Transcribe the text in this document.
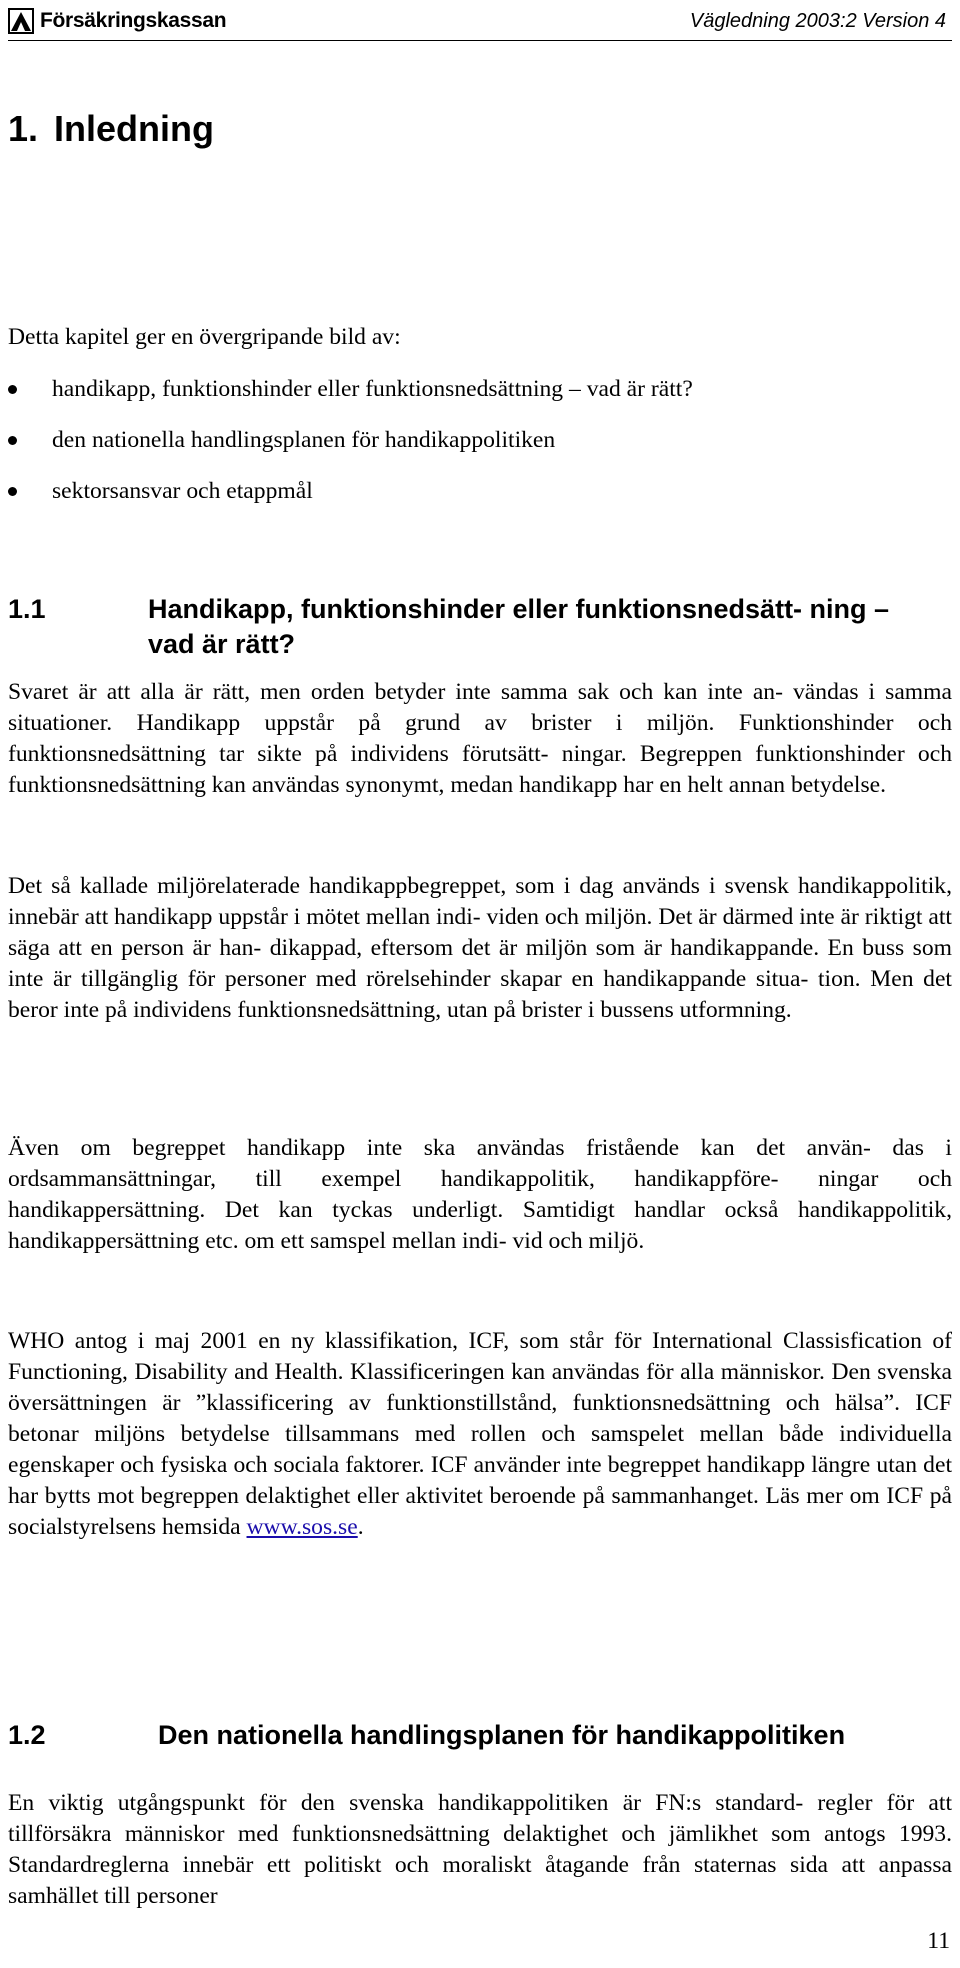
Försäkringskassan	Vägledning 2003:2 Version 4
1. Inledning

Detta kapitel ger en övergripande bild av:

handikapp, funktionshinder eller funktionsnedsättning – vad är rätt?
den nationella handlingsplanen för handikappolitiken
sektorsansvar och etappmål
1.1	Handikapp, funktionshinder eller funktionsnedsätt- ning – vad är rätt?

Svaret är att alla är rätt, men orden betyder inte samma sak och kan inte an- vändas i samma situationer. Handikapp uppstår på grund av brister i miljön. Funktionshinder och funktionsnedsättning tar sikte på individens förutsätt- ningar. Begreppen funktionshinder och funktionsnedsättning kan användas synonymt, medan handikapp har en helt annan betydelse.

Det så kallade miljörelaterade handikappbegreppet, som i dag används i svensk handikappolitik, innebär att handikapp uppstår i mötet mellan indi- viden och miljön. Det är därmed inte är riktigt att säga att en person är han- dikappad, eftersom det är miljön som är handikappande. En buss som inte är tillgänglig för personer med rörelsehinder skapar en handikappande situa- tion. Men det beror inte på individens funktionsnedsättning, utan på brister i bussens utformning.

Även om begreppet handikapp inte ska användas fristående kan det använ- das i ordsammansättningar, till exempel handikappolitik, handikappföre- ningar och handikappersättning. Det kan tyckas underligt. Samtidigt handlar också handikappolitik, handikappersättning etc. om ett samspel mellan indi- vid och miljö.

WHO antog i maj 2001 en ny klassifikation, ICF, som står för International Classisfication of Functioning, Disability and Health. Klassificeringen kan användas för alla människor. Den svenska översättningen är ”klassificering av funktionstillstånd, funktionsnedsättning och hälsa”. ICF betonar miljöns betydelse tillsammans med rollen och samspelet mellan både individuella egenskaper och fysiska och sociala faktorer. ICF använder inte begreppet handikapp längre utan det har bytts mot begreppen delaktighet eller aktivitet beroende på sammanhanget. Läs mer om ICF på socialstyrelsens hemsida www.sos.se.

1.2	Den nationella handlingsplanen för handikappolitiken

En viktig utgångspunkt för den svenska handikappolitiken är FN:s standard- regler för att tillförsäkra människor med funktionsnedsättning delaktighet och jämlikhet som antogs 1993. Standardreglerna innebär ett politiskt och moraliskt åtagande från staternas sida att anpassa samhället till personer

11
